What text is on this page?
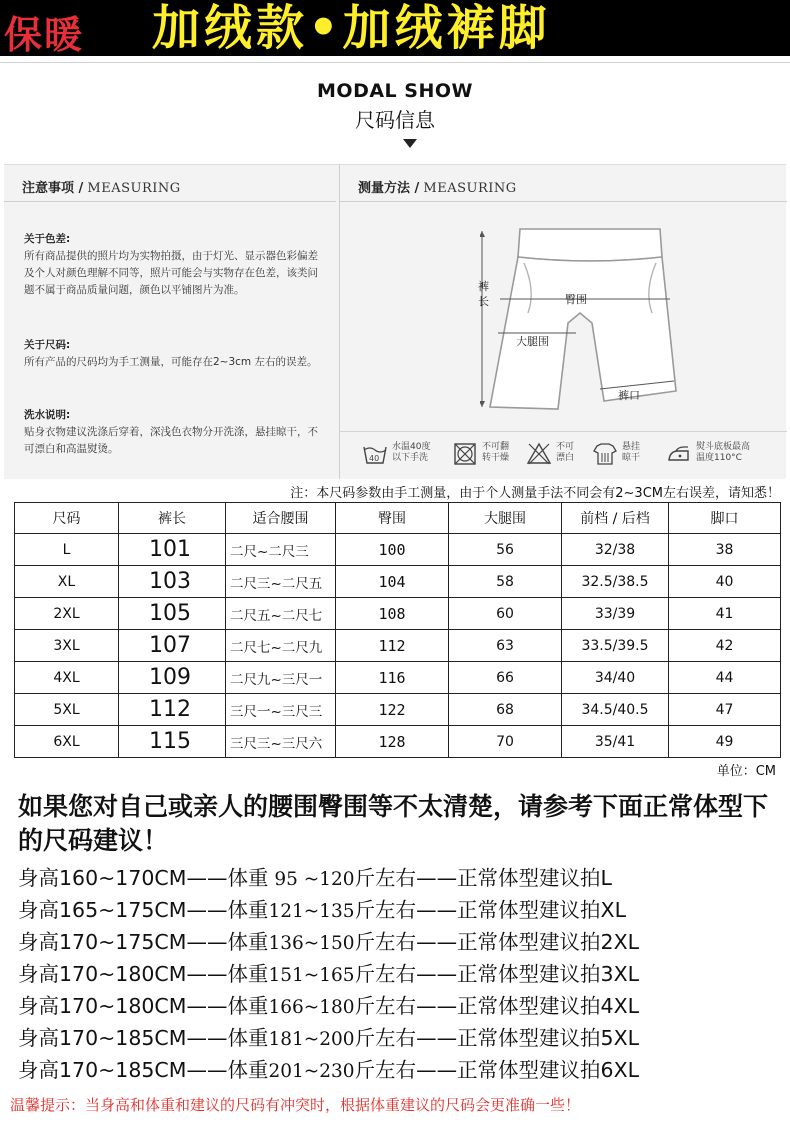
保暖 加绒款•加绒裤脚
MODAL SHOW
尺码信息
注意事项 / MEASURING
关于色差:
所有商品提供的照片均为实物拍摄，由于灯光、显示器色彩偏差及个人对颜色理解不同等，照片可能会与实物存在色差，该类问题不属于商品质量问题，颜色以平铺图片为准。
关于尺码:
所有产品的尺码均为手工测量，可能存在2~3cm 左右的误差。
洗水说明:
贴身衣物建议洗涤后穿着，深浅色衣物分开洗涤，悬挂晾干，不可漂白和高温熨烫。
测量方法 / MEASURING
裤长	臀围
大腿围
裤口
40
水温40度
以下手洗
不可翻
转干燥
不可
漂白
悬挂
晾干
熨斗底板最高
温度110°C
注：本尺码参数由手工测量，由于个人测量手法不同会有2~3CM左右误差，请知悉！
尺码	裤长	适合腰围	臀围	大腿围	前档 / 后档	脚口
L	101	二尺~二尺三	100	56	32/38	38
XL	103	二尺三~二尺五	104	58	32.5/38.5	40
2XL	105	二尺五~二尺七	108	60	33/39	41
3XL	107	二尺七~二尺九	112	63	33.5/39.5	42
4XL	109	二尺九~三尺一	116	66	34/40	44
5XL	112	三尺一~三尺三	122	68	34.5/40.5	47
6XL	115	三尺三~三尺六	128	70	35/41	49
单位：CM
如果您对自己或亲人的腰围臀围等不太清楚，请参考下面正常体型下的尺码建议！
身高160~170CM——体重 95 ~120斤左右——正常体型建议拍L
身高165~175CM——体重121~135斤左右——正常体型建议拍XL
身高170~175CM——体重136~150斤左右——正常体型建议拍2XL
身高170~180CM——体重151~165斤左右——正常体型建议拍3XL
身高170~180CM——体重166~180斤左右——正常体型建议拍4XL
身高170~185CM——体重181~200斤左右——正常体型建议拍5XL
身高170~185CM——体重201~230斤左右——正常体型建议拍6XL
温馨提示：当身高和体重和建议的尺码有冲突时，根据体重建议的尺码会更准确一些！
